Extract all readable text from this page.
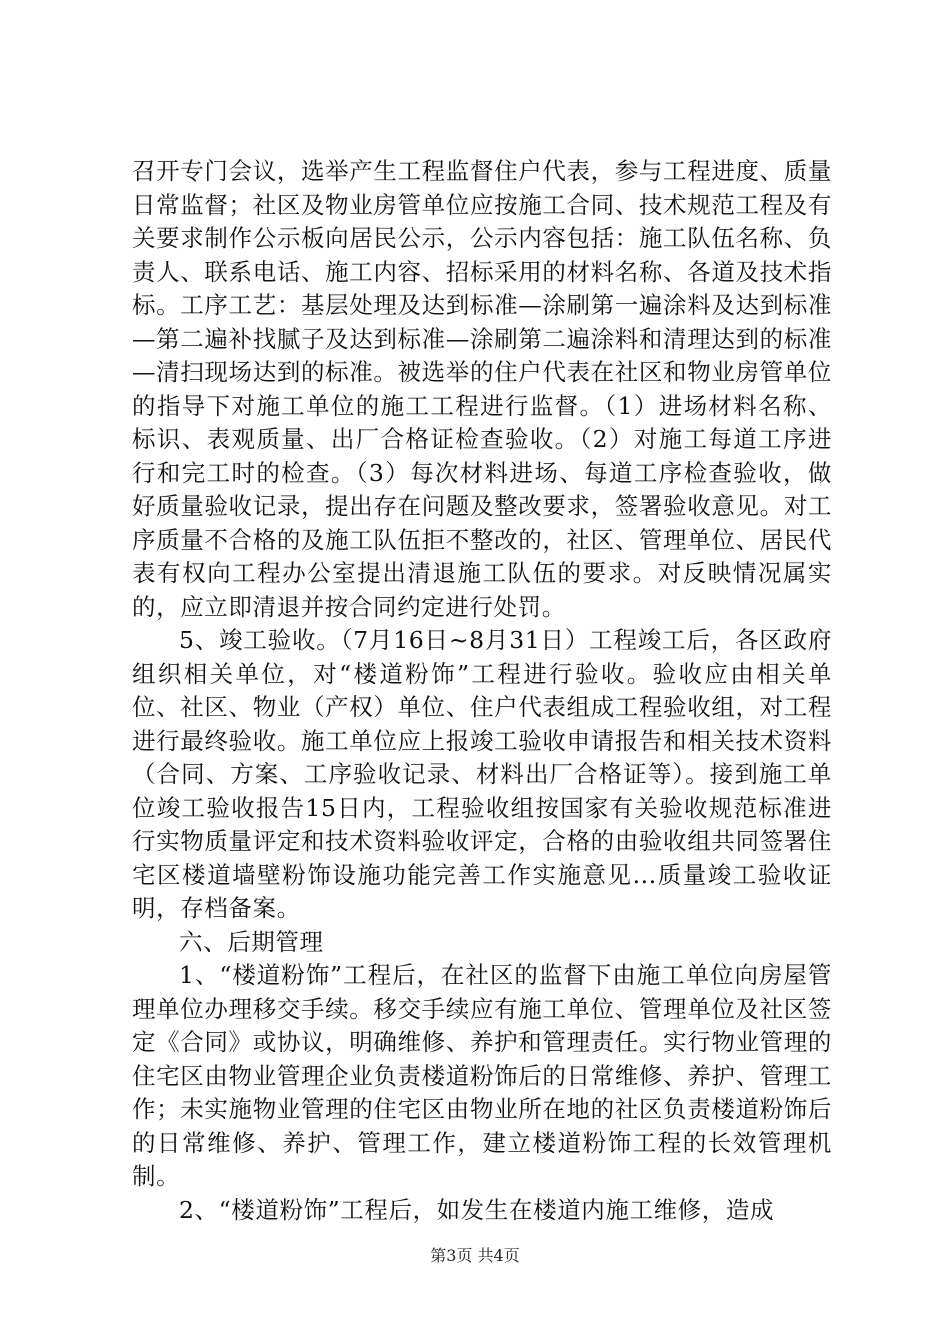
召开专门会议，选举产生工程监督住户代表，参与工程进度、质量日常监督；社区及物业房管单位应按施工合同、技术规范工程及有关要求制作公示板向居民公示，公示内容包括：施工队伍名称、负责人、联系电话、施工内容、招标采用的材料名称、各道及技术指标。工序工艺：基层处理及达到标准—涂刷第一遍涂料及达到标准—第二遍补找腻子及达到标准—涂刷第二遍涂料和清理达到的标准—清扫现场达到的标准。被选举的住户代表在社区和物业房管单位的指导下对施工单位的施工工程进行监督。（1）进场材料名称、标识、表观质量、出厂合格证检查验收。（2）对施工每道工序进行和完工时的检查。（3）每次材料进场、每道工序检查验收，做好质量验收记录，提出存在问题及整改要求，签署验收意见。对工序质量不合格的及施工队伍拒不整改的，社区、管理单位、居民代表有权向工程办公室提出清退施工队伍的要求。对反映情况属实的，应立即清退并按合同约定进行处罚。

5、竣工验收。（7月16日~8月31日）工程竣工后，各区政府组织相关单位，对“楼道粉饰”工程进行验收。验收应由相关单位、社区、物业（产权）单位、住户代表组成工程验收组，对工程进行最终验收。施工单位应上报竣工验收申请报告和相关技术资料（合同、方案、工序验收记录、材料出厂合格证等）。接到施工单位竣工验收报告15日内，工程验收组按国家有关验收规范标准进行实物质量评定和技术资料验收评定，合格的由验收组共同签署住宅区楼道墙壁粉饰设施功能完善工作实施意见...质量竣工验收证明，存档备案。

六、后期管理

1、“楼道粉饰”工程后，在社区的监督下由施工单位向房屋管理单位办理移交手续。移交手续应有施工单位、管理单位及社区签定《合同》或协议，明确维修、养护和管理责任。实行物业管理的住宅区由物业管理企业负责楼道粉饰后的日常维修、养护、管理工作；未实施物业管理的住宅区由物业所在地的社区负责楼道粉饰后的日常维修、养护、管理工作，建立楼道粉饰工程的长效管理机制。

2、“楼道粉饰”工程后，如发生在楼道内施工维修，造成

第3页 共4页
